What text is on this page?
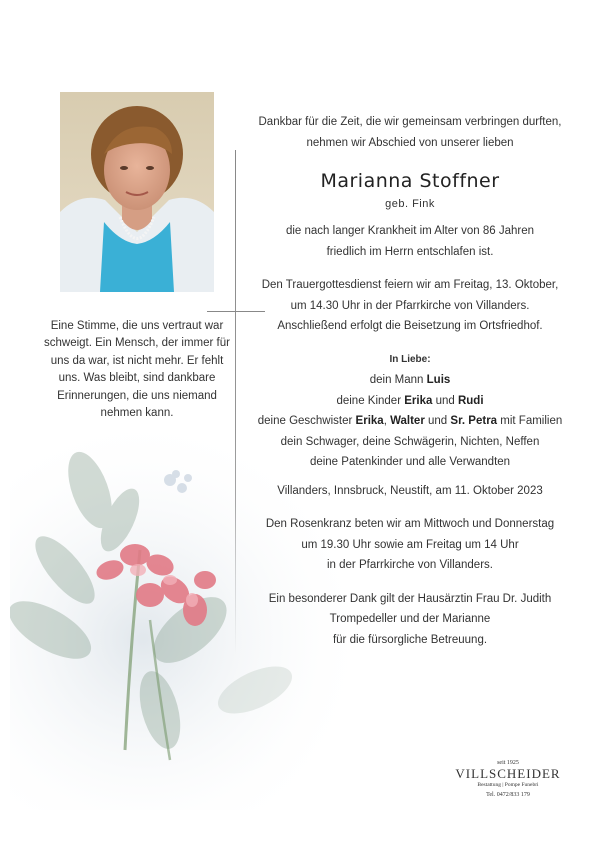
Eine Stimme, die uns vertraut war schweigt. Ein Mensch, der immer für uns da war, ist nicht mehr. Er fehlt uns. Was bleibt, sind dankbare Erinnerungen, die uns niemand nehmen kann.

Dankbar für die Zeit, die wir gemeinsam verbringen durften,

nehmen wir Abschied von unserer lieben

Marianna Stoffner

geb. Fink

die nach langer Krankheit im Alter von 86 Jahren

friedlich im Herrn entschlafen ist.

Den Trauergottesdienst feiern wir am Freitag, 13. Oktober,

um 14.30 Uhr in der Pfarrkirche von Villanders.

Anschließend erfolgt die Beisetzung im Ortsfriedhof.

In Liebe:

dein Mann Luis

deine Kinder Erika und Rudi

deine Geschwister Erika, Walter und Sr. Petra mit Familien

dein Schwager, deine Schwägerin, Nichten, Neffen

deine Patenkinder und alle Verwandten

Villanders, Innsbruck, Neustift, am 11. Oktober 2023

Den Rosenkranz beten wir am Mittwoch und Donnerstag

um 19.30 Uhr sowie am Freitag um 14 Uhr

in der Pfarrkirche von Villanders.

Ein besonderer Dank gilt der Hausärztin Frau Dr. Judith

Trompedeller und der Marianne

für die fürsorgliche Betreuung.

seit 1925
VILLSCHEIDER
Bestattung | Pompe Funebri
Tel. 0472/833 179
